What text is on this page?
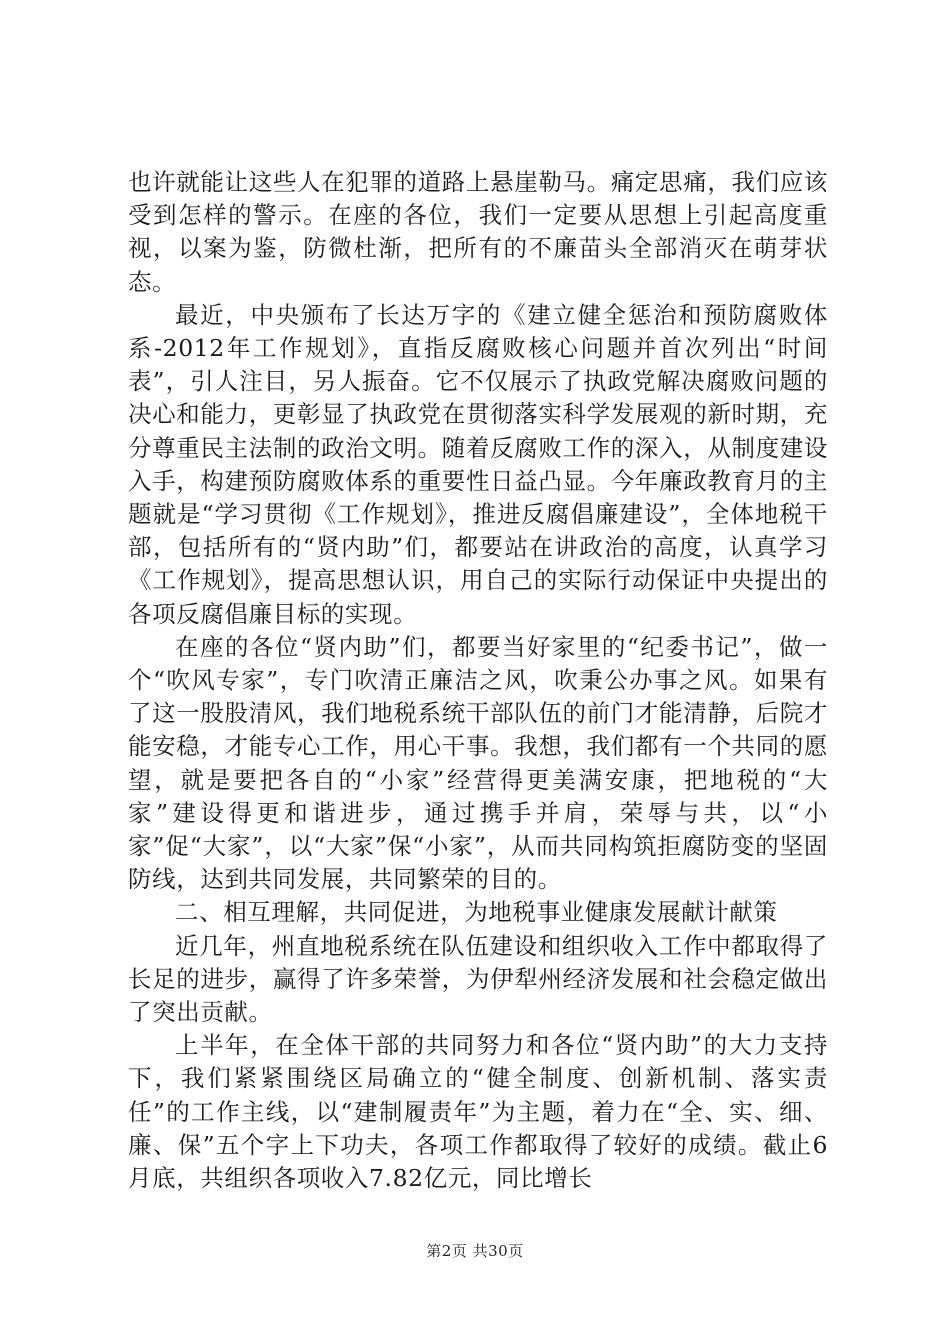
也许就能让这些人在犯罪的道路上悬崖勒马。痛定思痛，我们应该受到怎样的警示。在座的各位，我们一定要从思想上引起高度重视，以案为鉴，防微杜渐，把所有的不廉苗头全部消灭在萌芽状态。

最近，中央颁布了长达万字的《建立健全惩治和预防腐败体系-2012年工作规划》，直指反腐败核心问题并首次列出“时间表”，引人注目，另人振奋。它不仅展示了执政党解决腐败问题的决心和能力，更彰显了执政党在贯彻落实科学发展观的新时期，充分尊重民主法制的政治文明。随着反腐败工作的深入，从制度建设入手，构建预防腐败体系的重要性日益凸显。今年廉政教育月的主题就是“学习贯彻《工作规划》，推进反腐倡廉建设”，全体地税干部，包括所有的“贤内助”们，都要站在讲政治的高度，认真学习《工作规划》，提高思想认识，用自己的实际行动保证中央提出的各项反腐倡廉目标的实现。

在座的各位“贤内助”们，都要当好家里的“纪委书记”，做一个“吹风专家”，专门吹清正廉洁之风，吹秉公办事之风。如果有了这一股股清风，我们地税系统干部队伍的前门才能清静，后院才能安稳，才能专心工作，用心干事。我想，我们都有一个共同的愿望，就是要把各自的“小家”经营得更美满安康，把地税的“大家”建设得更和谐进步，通过携手并肩，荣辱与共，以“小家”促“大家”，以“大家”保“小家”，从而共同构筑拒腐防变的坚固防线，达到共同发展，共同繁荣的目的。

二、相互理解，共同促进，为地税事业健康发展献计献策

近几年，州直地税系统在队伍建设和组织收入工作中都取得了长足的进步，赢得了许多荣誉，为伊犁州经济发展和社会稳定做出了突出贡献。

上半年，在全体干部的共同努力和各位“贤内助”的大力支持下，我们紧紧围绕区局确立的“健全制度、创新机制、落实责任”的工作主线，以“建制履责年”为主题，着力在“全、实、细、廉、保”五个字上下功夫，各项工作都取得了较好的成绩。截止6月底，共组织各项收入7.82亿元，同比增长

第2页 共30页
